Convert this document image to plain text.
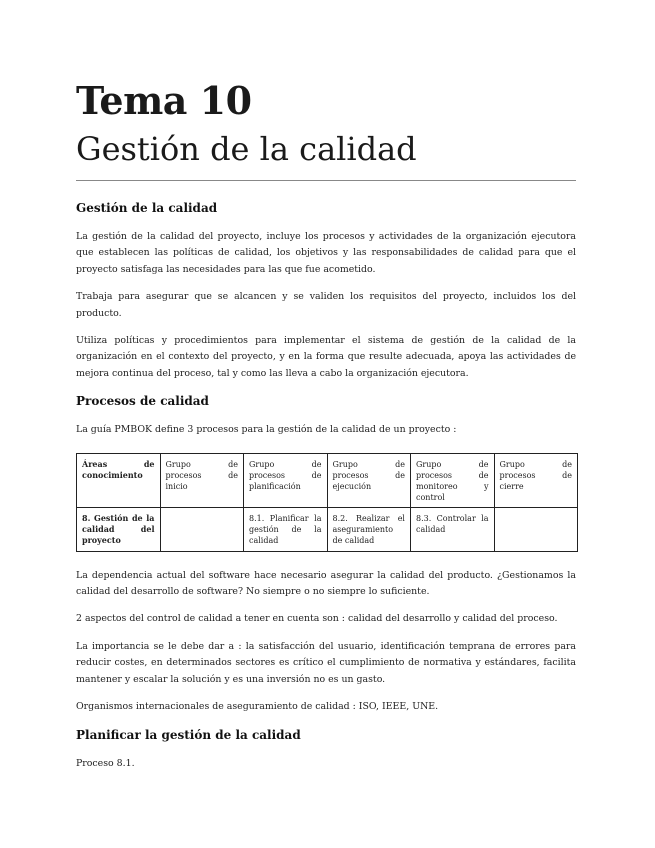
Tema 10
Gestión de la calidad
Gestión de la calidad

La gestión de la calidad del proyecto, incluye los procesos y actividades de la organización ejecutora que establecen las políticas de calidad, los objetivos y las responsabilidades de calidad para que el proyecto satisfaga las necesidades para las que fue acometido.

Trabaja para asegurar que se alcancen y se validen los requisitos del proyecto, incluidos los del producto.

Utiliza políticas y procedimientos para implementar el sistema de gestión de la calidad de la organización en el contexto del proyecto, y en la forma que resulte adecuada, apoya las actividades de mejora continua del proceso, tal y como las lleva a cabo la organización ejecutora.

Procesos de calidad

La guía PMBOK define 3 procesos para la gestión de la calidad de un proyecto :

Áreas de conocimiento	Grupo de procesos de inicio	Grupo de procesos de planificación	Grupo de procesos de ejecución	Grupo de procesos de monitoreo y control	Grupo de procesos de cierre
8. Gestión de la calidad del proyecto		8.1. Planificar la gestión de la calidad	8.2. Realizar el aseguramiento de calidad	8.3. Controlar la calidad	

La dependencia actual del software hace necesario asegurar la calidad del producto. ¿Gestionamos la calidad del desarrollo de software? No siempre o no siempre lo suficiente.

2 aspectos del control de calidad a tener en cuenta son : calidad del desarrollo y calidad del proceso.

La importancia se le debe dar a : la satisfacción del usuario, identificación temprana de errores para reducir costes, en determinados sectores es crítico el cumplimiento de normativa y estándares, facilita mantener y escalar la solución y es una inversión no es un gasto.

Organismos internacionales de aseguramiento de calidad : ISO, IEEE, UNE.

Planificar la gestión de la calidad

Proceso 8.1.
